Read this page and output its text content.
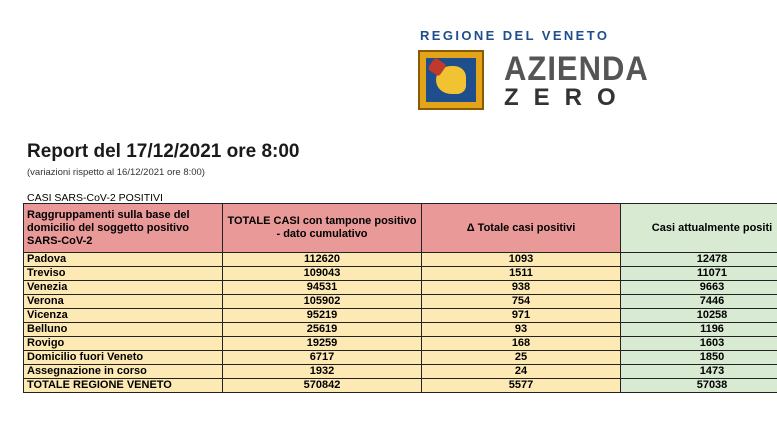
REGIONE DEL VENETO
AZIENDA
ZERO
Report del 17/12/2021 ore 8:00
(variazioni rispetto al 16/12/2021 ore 8:00)
CASI SARS-CoV-2 POSITIVI
Raggruppamenti sulla base del domicilio del soggetto positivo SARS-CoV-2	TOTALE CASI con tampone positivo - dato cumulativo	Δ Totale casi positivi	Casi attualmente positi
Padova	112620	1093	12478
Treviso	109043	1511	11071
Venezia	94531	938	9663
Verona	105902	754	7446
Vicenza	95219	971	10258
Belluno	25619	93	1196
Rovigo	19259	168	1603
Domicilio fuori Veneto	6717	25	1850
Assegnazione in corso	1932	24	1473
TOTALE REGIONE VENETO	570842	5577	57038
